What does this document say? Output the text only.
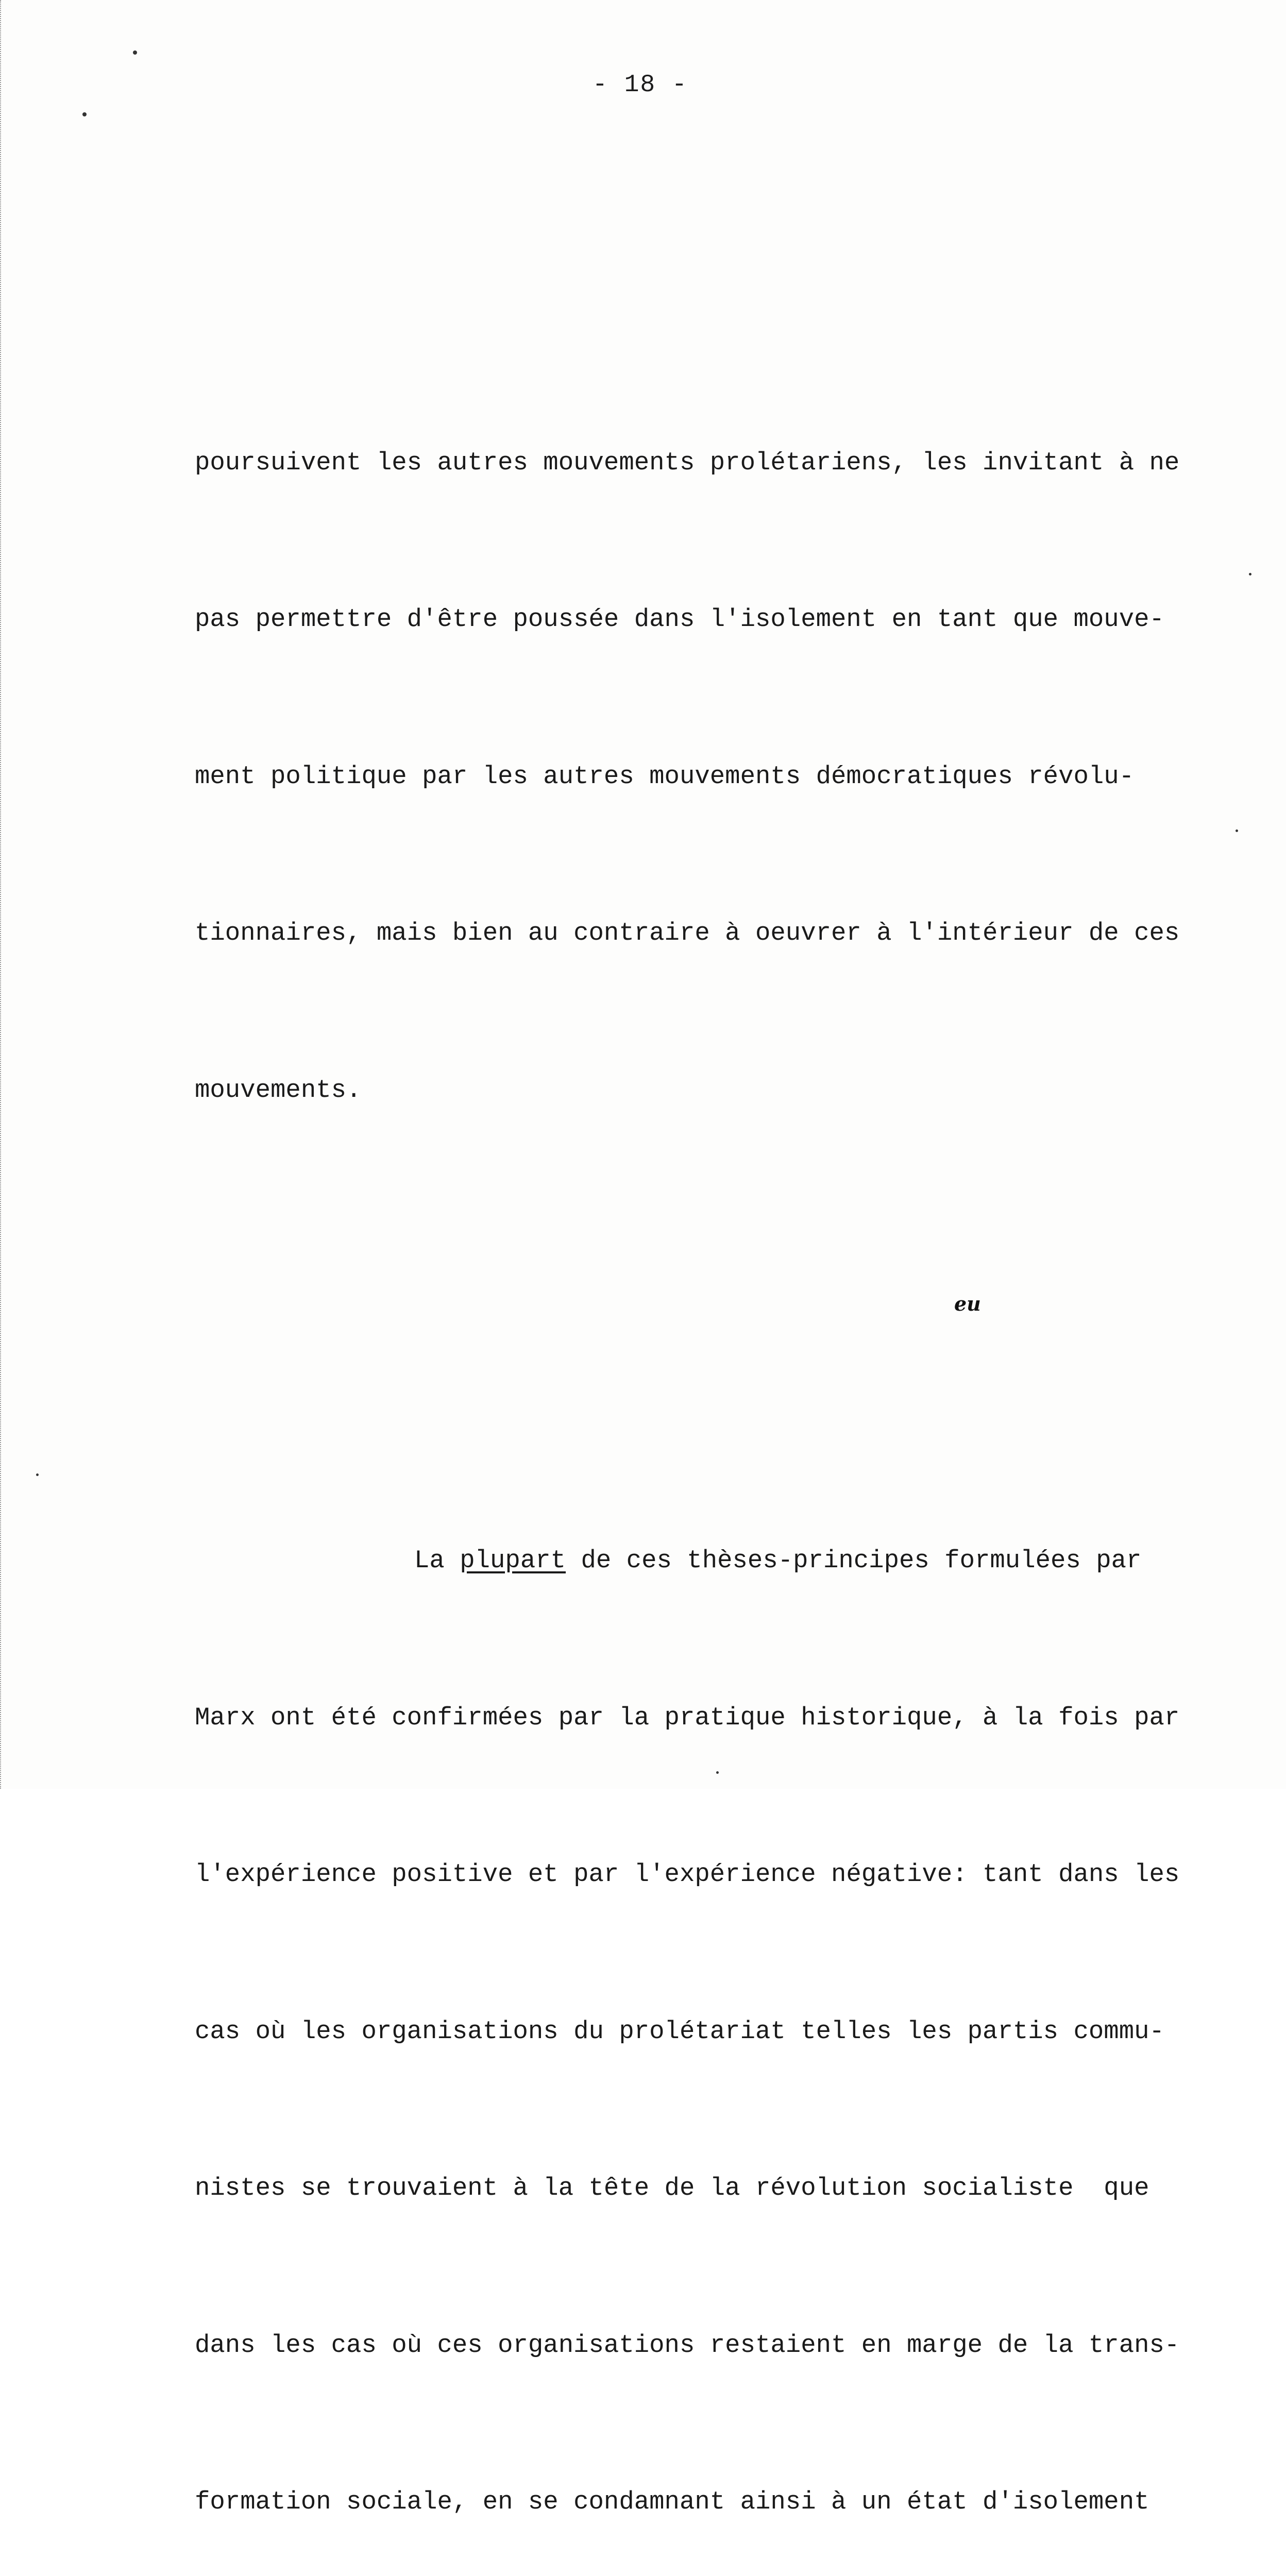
- 18 -

poursuivent les autres mouvements prolétariens, les invitant à ne

pas permettre d'être poussée dans l'isolement en tant que mouve-

ment politique par les autres mouvements démocratiques révolu-

tionnaires, mais bien au contraire à oeuvrer à l'intérieur de ces

mouvements.

La plupart de ces thèses-principes formulées par

Marx ont été confirmées par la pratique historique, à la fois par

l'expérience positive et par l'expérience négative: tant dans les

cas où les organisations du prolétariat telles les partis commu-

nistes se trouvaient à la tête de la révolution socialiste  que

dans les cas où ces organisations restaient en marge de la trans-

formation sociale, en se condamnant ainsi à un état d'isolement

eu
